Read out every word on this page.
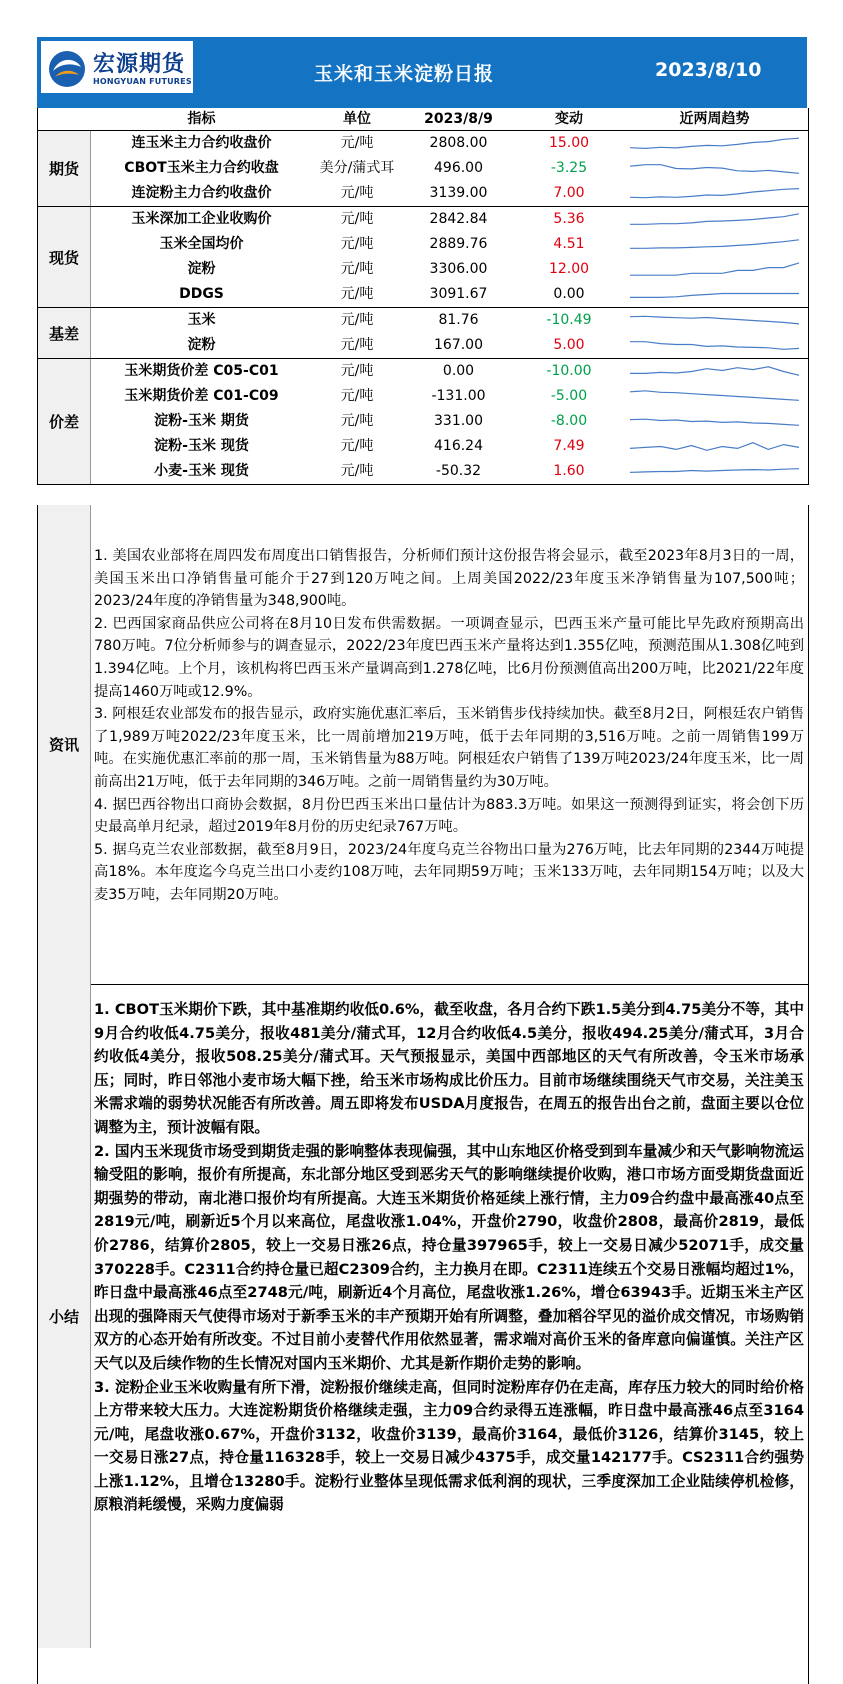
宏源期货
HONGYUAN FUTURES	玉米和玉米淀粉日报	2023/8/10
指标	单位	2023/8/9	变动	近两周趋势
期货
连玉米主力合约收盘价	元/吨	2808.00	15.00
CBOT玉米主力合约收盘	美分/蒲式耳	496.00	-3.25
连淀粉主力合约收盘价	元/吨	3139.00	7.00
现货
玉米深加工企业收购价	元/吨	2842.84	5.36
玉米全国均价	元/吨	2889.76	4.51
淀粉	元/吨	3306.00	12.00
DDGS	元/吨	3091.67	0.00
基差
玉米	元/吨	81.76	-10.49
淀粉	元/吨	167.00	5.00
价差
玉米期货价差 C05-C01	元/吨	0.00	-10.00
玉米期货价差 C01-C09	元/吨	-131.00	-5.00
淀粉-玉米 期货	元/吨	331.00	-8.00
淀粉-玉米 现货	元/吨	416.24	7.49
小麦-玉米 现货	元/吨	-50.32	1.60
资讯

1. 美国农业部将在周四发布周度出口销售报告，分析师们预计这份报告将会显示，截至2023年8月3日的一周，美国玉米出口净销售量可能介于27到120万吨之间。上周美国2022/23年度玉米净销售量为107,500吨；2023/24年度的净销售量为348,900吨。

2. 巴西国家商品供应公司将在8月10日发布供需数据。一项调查显示，巴西玉米产量可能比早先政府预期高出780万吨。7位分析师参与的调查显示，2022/23年度巴西玉米产量将达到1.355亿吨，预测范围从1.308亿吨到1.394亿吨。上个月，该机构将巴西玉米产量调高到1.278亿吨，比6月份预测值高出200万吨，比2021/22年度提高1460万吨或12.9%。

3. 阿根廷农业部发布的报告显示，政府实施优惠汇率后，玉米销售步伐持续加快。截至8月2日，阿根廷农户销售了1,989万吨2022/23年度玉米，比一周前增加219万吨，低于去年同期的3,516万吨。之前一周销售199万吨。在实施优惠汇率前的那一周，玉米销售量为88万吨。阿根廷农户销售了139万吨2023/24年度玉米，比一周前高出21万吨，低于去年同期的346万吨。之前一周销售量约为30万吨。

4. 据巴西谷物出口商协会数据，8月份巴西玉米出口量估计为883.3万吨。如果这一预测得到证实，将会创下历史最高单月纪录，超过2019年8月份的历史纪录767万吨。

5. 据乌克兰农业部数据，截至8月9日，2023/24年度乌克兰谷物出口量为276万吨，比去年同期的2344万吨提高18%。本年度迄今乌克兰出口小麦约108万吨，去年同期59万吨；玉米133万吨，去年同期154万吨；以及大麦35万吨，去年同期20万吨。

小结

1. CBOT玉米期价下跌，其中基准期约收低0.6%，截至收盘，各月合约下跌1.5美分到4.75美分不等，其中9月合约收低4.75美分，报收481美分/蒲式耳，12月合约收低4.5美分，报收494.25美分/蒲式耳，3月合约收低4美分，报收508.25美分/蒲式耳。天气预报显示，美国中西部地区的天气有所改善，令玉米市场承压；同时，昨日邻池小麦市场大幅下挫，给玉米市场构成比价压力。目前市场继续围绕天气市交易，关注美玉米需求端的弱势状况能否有所改善。周五即将发布USDA月度报告，在周五的报告出台之前，盘面主要以仓位调整为主，预计波幅有限。

2. 国内玉米现货市场受到期货走强的影响整体表现偏强，其中山东地区价格受到到车量减少和天气影响物流运输受阻的影响，报价有所提高，东北部分地区受到恶劣天气的影响继续提价收购，港口市场方面受期货盘面近期强势的带动，南北港口报价均有所提高。大连玉米期货价格延续上涨行情，主力09合约盘中最高涨40点至2819元/吨，刷新近5个月以来高位，尾盘收涨1.04%，开盘价2790，收盘价2808，最高价2819，最低价2786，结算价2805，较上一交易日涨26点，持仓量397965手，较上一交易日减少52071手，成交量370228手。C2311合约持仓量已超C2309合约，主力换月在即。C2311连续五个交易日涨幅均超过1%，昨日盘中最高涨46点至2748元/吨，刷新近4个月高位，尾盘收涨1.26%，增仓63943手。近期玉米主产区出现的强降雨天气使得市场对于新季玉米的丰产预期开始有所调整，叠加稻谷罕见的溢价成交情况，市场购销双方的心态开始有所改变。不过目前小麦替代作用依然显著，需求端对高价玉米的备库意向偏谨慎。关注产区天气以及后续作物的生长情况对国内玉米期价、尤其是新作期价走势的影响。

3. 淀粉企业玉米收购量有所下滑，淀粉报价继续走高，但同时淀粉库存仍在走高，库存压力较大的同时给价格上方带来较大压力。大连淀粉期货价格继续走强，主力09合约录得五连涨幅，昨日盘中最高涨46点至3164元/吨，尾盘收涨0.67%，开盘价3132，收盘价3139，最高价3164，最低价3126，结算价3145，较上一交易日涨27点，持仓量116328手，较上一交易日减少4375手，成交量142177手。CS2311合约强势上涨1.12%，且增仓13280手。淀粉行业整体呈现低需求低利润的现状，三季度深加工企业陆续停机检修，原粮消耗缓慢，采购力度偏弱
